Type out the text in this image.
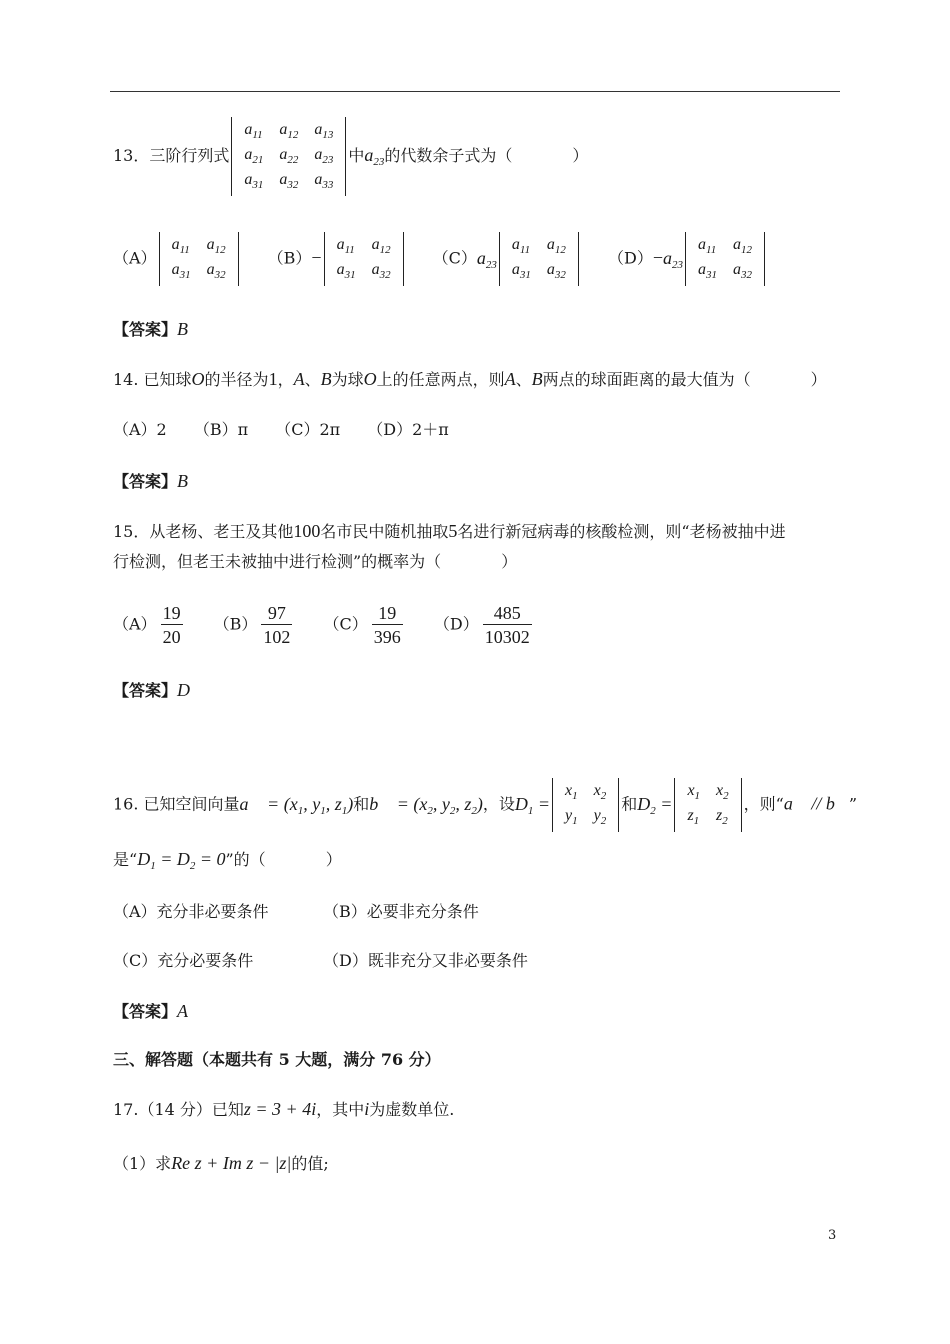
13．三阶行列式
$a_{11}$	$a_{12}$	$a_{13}$
$a_{21}$	$a_{22}$	$a_{23}$
$a_{31}$	$a_{32}$	$a_{33}$
中$a_{23}$的代数余子式为（	）
（A）
$a_{11}$	$a_{12}$
$a_{31}$	$a_{32}$
（B）−
$a_{11}$	$a_{12}$
$a_{31}$	$a_{32}$
$(C)a_{23}$
$a_{11}$	$a_{12}$
$a_{31}$	$a_{32}$
$(D)-a_{23}$
$a_{11}$	$a_{12}$
$a_{31}$	$a_{32}$
【答案】B
14. 已知球O的半径为1，A、B为球O上的任意两点，则A、B两点的球面距离的最大值为（	）
（A）2 （B）π （C）2π （D）2＋π
【答案】B
15．从老杨、老王及其他100名市民中随机抽取5名进行新冠病毒的核酸检测，则“老杨被抽中进
行检测，但老王未被抽中进行检测”的概率为（	）
$(A) \frac{19}{20} (B) \frac{97}{102} (C) \frac{19}{396} (D) \frac{485}{10302}$
【答案】D
16. 已知空间向量a⃗ = ($x_1$, $y_1$, $z_1$)和b⃗ = ($x_2$, $y_2$, $z_2$)，设$D_1$ =
$x_1$	$x_2$
$y_1$	$y_2$
和$D_2$ =
$x_1$	$x_2$
$z_1$	$z_2$
，则“a⃗ // b⃗”
是“$D_1 = D_2 = 0$”的（	）
（A）充分非必要条件	（B）必要非充分条件
（C）充分必要条件	（D）既非充分又非必要条件
【答案】A
三、解答题（本题共有 5 大题，满分 76 分）
17.（14 分）已知z = 3 + 4i，其中i为虚数单位.
（1）求Re z + Im z − |z|的值;
3
